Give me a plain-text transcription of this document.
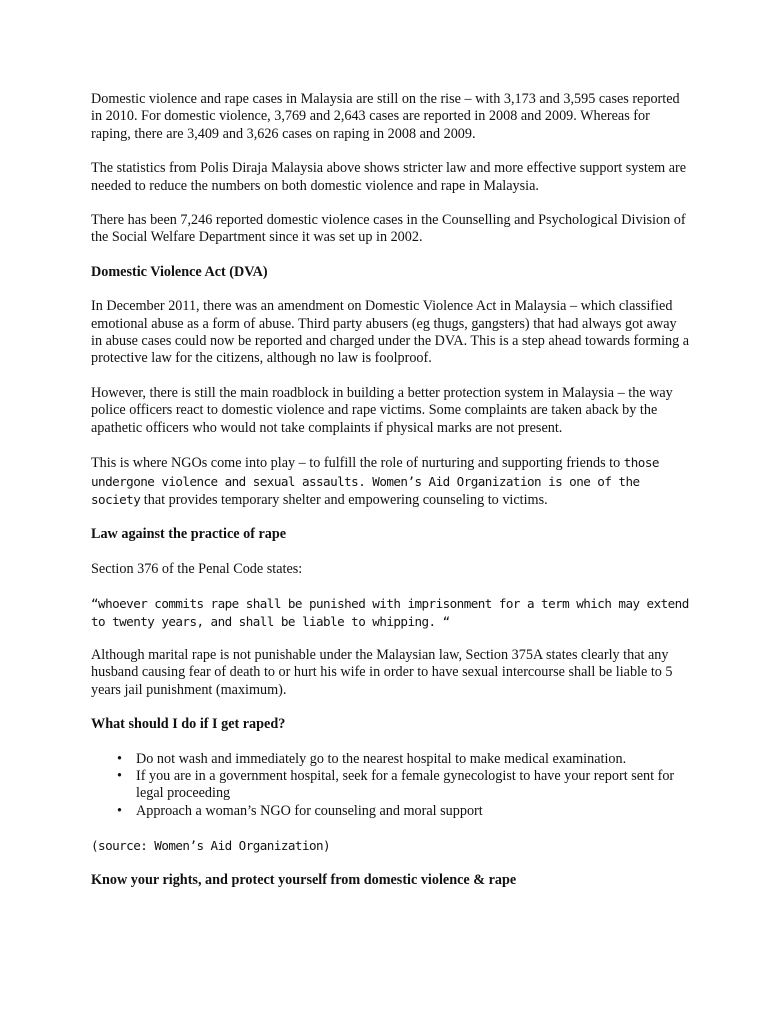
Domestic violence and rape cases in Malaysia are still on the rise – with 3,173 and 3,595 cases reported in 2010. For domestic violence, 3,769 and 2,643 cases are reported in 2008 and 2009. Whereas for raping, there are 3,409 and 3,626 cases on raping in 2008 and 2009.

The statistics from Polis Diraja Malaysia above shows stricter law and more effective support system are needed to reduce the numbers on both domestic violence and rape in Malaysia.

There has been 7,246 reported domestic violence cases in the Counselling and Psychological Division of the Social Welfare Department since it was set up in 2002.

Domestic Violence Act (DVA)

In December 2011, there was an amendment on Domestic Violence Act in Malaysia – which classified emotional abuse as a form of abuse. Third party abusers (eg thugs, gangsters) that had always got away in abuse cases could now be reported and charged under the DVA. This is a step ahead towards forming a protective law for the citizens, although no law is foolproof.

However, there is still the main roadblock in building a better protection system in Malaysia – the way police officers react to domestic violence and rape victims. Some complaints are taken aback by the apathetic officers who would not take complaints if physical marks are not present.

This is where NGOs come into play – to fulfill the role of nurturing and supporting friends to those undergone violence and sexual assaults. Women’s Aid Organization is one of the society that provides temporary shelter and empowering counseling to victims.

Law against the practice of rape

Section 376 of the Penal Code states:

“whoever commits rape shall be punished with imprisonment for a term which may extend to twenty years, and shall be liable to whipping. “

Although marital rape is not punishable under the Malaysian law, Section 375A states clearly that any husband causing fear of death to or hurt his wife in order to have sexual intercourse shall be liable to 5 years jail punishment (maximum).

What should I do if I get raped?

• Do not wash and immediately go to the nearest hospital to make medical examination.
• If you are in a government hospital, seek for a female gynecologist to have your report sent for legal proceeding
• Approach a woman’s NGO for counseling and moral support

(source: Women’s Aid Organization)

Know your rights, and protect yourself from domestic violence & rape
